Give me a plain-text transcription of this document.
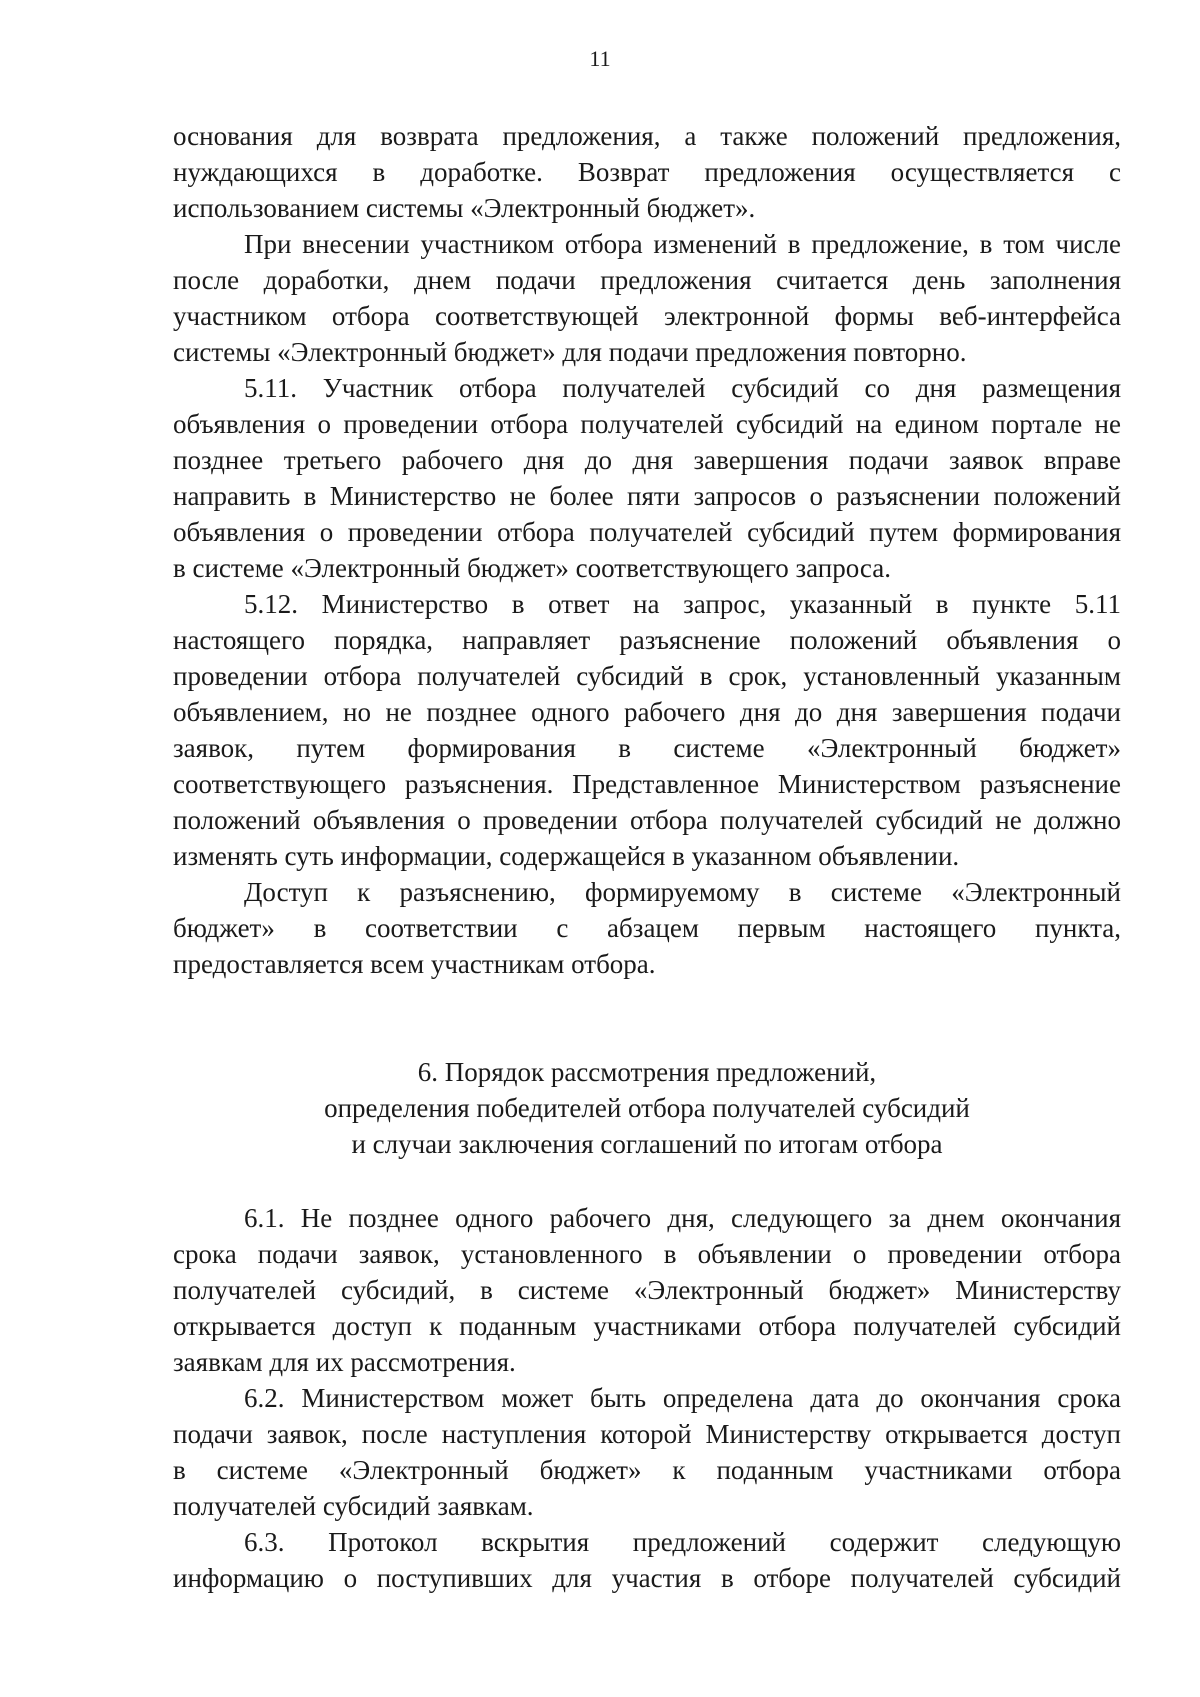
11
основания для возврата предложения, а также положений предложения,
нуждающихся в доработке. Возврат предложения осуществляется с
использованием системы «Электронный бюджет».
При внесении участником отбора изменений в предложение, в том числе
после доработки, днем подачи предложения считается день заполнения
участником отбора соответствующей электронной формы веб-интерфейса
системы «Электронный бюджет» для подачи предложения повторно.
5.11. Участник отбора получателей субсидий со дня размещения
объявления о проведении отбора получателей субсидий на едином портале не
позднее третьего рабочего дня до дня завершения подачи заявок вправе
направить в Министерство не более пяти запросов о разъяснении положений
объявления о проведении отбора получателей субсидий путем формирования
в системе «Электронный бюджет» соответствующего запроса.
5.12. Министерство в ответ на запрос, указанный в пункте 5.11
настоящего порядка, направляет разъяснение положений объявления о
проведении отбора получателей субсидий в срок, установленный указанным
объявлением, но не позднее одного рабочего дня до дня завершения подачи
заявок, путем формирования в системе «Электронный бюджет»
соответствующего разъяснения. Представленное Министерством разъяснение
положений объявления о проведении отбора получателей субсидий не должно
изменять суть информации, содержащейся в указанном объявлении.
Доступ к разъяснению, формируемому в системе «Электронный
бюджет» в соответствии с абзацем первым настоящего пункта,
предоставляется всем участникам отбора.
6. Порядок рассмотрения предложений,
определения победителей отбора получателей субсидий
и случаи заключения соглашений по итогам отбора
6.1. Не позднее одного рабочего дня, следующего за днем окончания
срока подачи заявок, установленного в объявлении о проведении отбора
получателей субсидий, в системе «Электронный бюджет» Министерству
открывается доступ к поданным участниками отбора получателей субсидий
заявкам для их рассмотрения.
6.2. Министерством может быть определена дата до окончания срока
подачи заявок, после наступления которой Министерству открывается доступ
в системе «Электронный бюджет» к поданным участниками отбора
получателей субсидий заявкам.
6.3. Протокол вскрытия предложений содержит следующую
информацию о поступивших для участия в отборе получателей субсидий
